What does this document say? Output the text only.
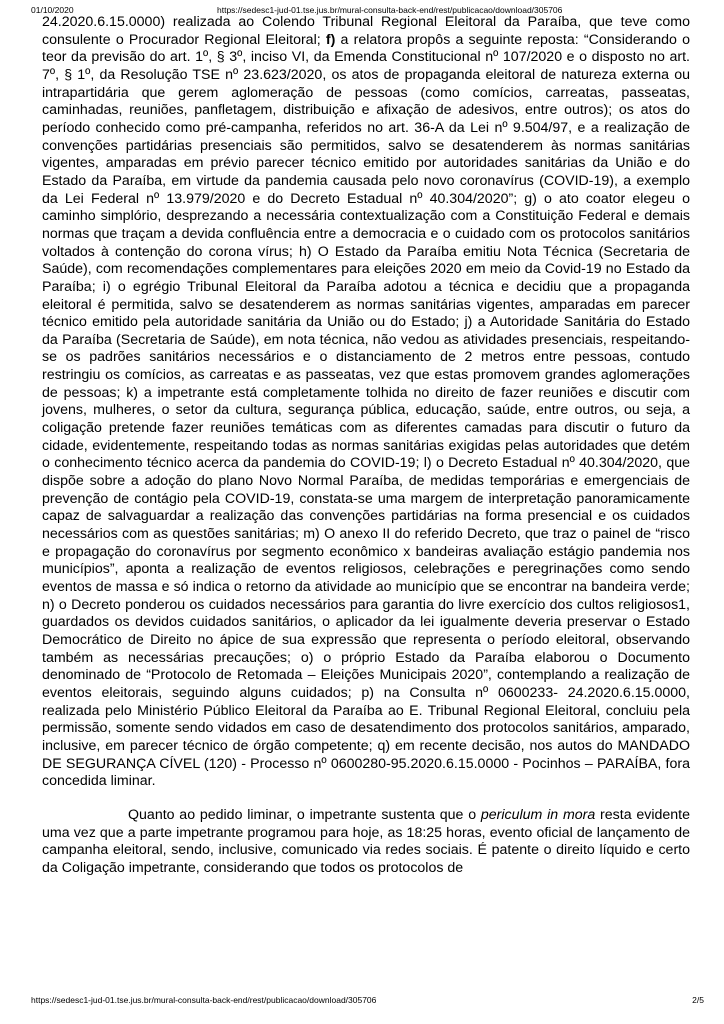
01/10/2020	https://sedesc1-jud-01.tse.jus.br/mural-consulta-back-end/rest/publicacao/download/305706

24.2020.6.15.0000) realizada ao Colendo Tribunal Regional Eleitoral da Paraíba, que teve como consulente o Procurador Regional Eleitoral; f) a relatora propôs a seguinte reposta: “Considerando o teor da previsão do art. 1º, § 3º, inciso VI, da Emenda Constitucional nº 107/2020 e o disposto no art. 7º, § 1º, da Resolução TSE nº 23.623/2020, os atos de propaganda eleitoral de natureza externa ou intrapartidária que gerem aglomeração de pessoas (como comícios, carreatas, passeatas, caminhadas, reuniões, panfletagem, distribuição e afixação de adesivos, entre outros); os atos do período conhecido como pré-campanha, referidos no art. 36-A da Lei nº 9.504/97, e a realização de convenções partidárias presenciais são permitidos, salvo se desatenderem às normas sanitárias vigentes, amparadas em prévio parecer técnico emitido por autoridades sanitárias da União e do Estado da Paraíba, em virtude da pandemia causada pelo novo coronavírus (COVID-19), a exemplo da Lei Federal nº 13.979/2020 e do Decreto Estadual nº 40.304/2020”; g) o ato coator elegeu o caminho simplório, desprezando a necessária contextualização com a Constituição Federal e demais normas que traçam a devida confluência entre a democracia e o cuidado com os protocolos sanitários voltados à contenção do corona vírus; h) O Estado da Paraíba emitiu Nota Técnica (Secretaria de Saúde), com recomendações complementares para eleições 2020 em meio da Covid-19 no Estado da Paraíba; i) o egrégio Tribunal Eleitoral da Paraíba adotou a técnica e decidiu que a propaganda eleitoral é permitida, salvo se desatenderem as normas sanitárias vigentes, amparadas em parecer técnico emitido pela autoridade sanitária da União ou do Estado; j) a Autoridade Sanitária do Estado da Paraíba (Secretaria de Saúde), em nota técnica, não vedou as atividades presenciais, respeitando-se os padrões sanitários necessários e o distanciamento de 2 metros entre pessoas, contudo restringiu os comícios, as carreatas e as passeatas, vez que estas promovem grandes aglomerações de pessoas; k) a impetrante está completamente tolhida no direito de fazer reuniões e discutir com jovens, mulheres, o setor da cultura, segurança pública, educação, saúde, entre outros, ou seja, a coligação pretende fazer reuniões temáticas com as diferentes camadas para discutir o futuro da cidade, evidentemente, respeitando todas as normas sanitárias exigidas pelas autoridades que detém o conhecimento técnico acerca da pandemia do COVID-19; l) o Decreto Estadual nº 40.304/2020, que dispõe sobre a adoção do plano Novo Normal Paraíba, de medidas temporárias e emergenciais de prevenção de contágio pela COVID-19, constata-se uma margem de interpretação panoramicamente capaz de salvaguardar a realização das convenções partidárias na forma presencial e os cuidados necessários com as questões sanitárias; m) O anexo II do referido Decreto, que traz o painel de “risco e propagação do coronavírus por segmento econômico x bandeiras avaliação estágio pandemia nos municípios”, aponta a realização de eventos religiosos, celebrações e peregrinações como sendo eventos de massa e só indica o retorno da atividade ao município que se encontrar na bandeira verde; n) o Decreto ponderou os cuidados necessários para garantia do livre exercício dos cultos religiosos1, guardados os devidos cuidados sanitários, o aplicador da lei igualmente deveria preservar o Estado Democrático de Direito no ápice de sua expressão que representa o período eleitoral, observando também as necessárias precauções; o) o próprio Estado da Paraíba elaborou o Documento denominado de “Protocolo de Retomada – Eleições Municipais 2020”, contemplando a realização de eventos eleitorais, seguindo alguns cuidados; p) na Consulta nº 0600233- 24.2020.6.15.0000, realizada pelo Ministério Público Eleitoral da Paraíba ao E. Tribunal Regional Eleitoral, concluiu pela permissão, somente sendo vidados em caso de desatendimento dos protocolos sanitários, amparado, inclusive, em parecer técnico de órgão competente; q) em recente decisão, nos autos do MANDADO DE SEGURANÇA CÍVEL (120) - Processo nº 0600280-95.2020.6.15.0000 - Pocinhos – PARAÍBA, fora concedida liminar.

Quanto ao pedido liminar, o impetrante sustenta que o periculum in mora resta evidente uma vez que a parte impetrante programou para hoje, as 18:25 horas, evento oficial de lançamento de campanha eleitoral, sendo, inclusive, comunicado via redes sociais. É patente o direito líquido e certo da Coligação impetrante, considerando que todos os protocolos de

https://sedesc1-jud-01.tse.jus.br/mural-consulta-back-end/rest/publicacao/download/305706	2/5
